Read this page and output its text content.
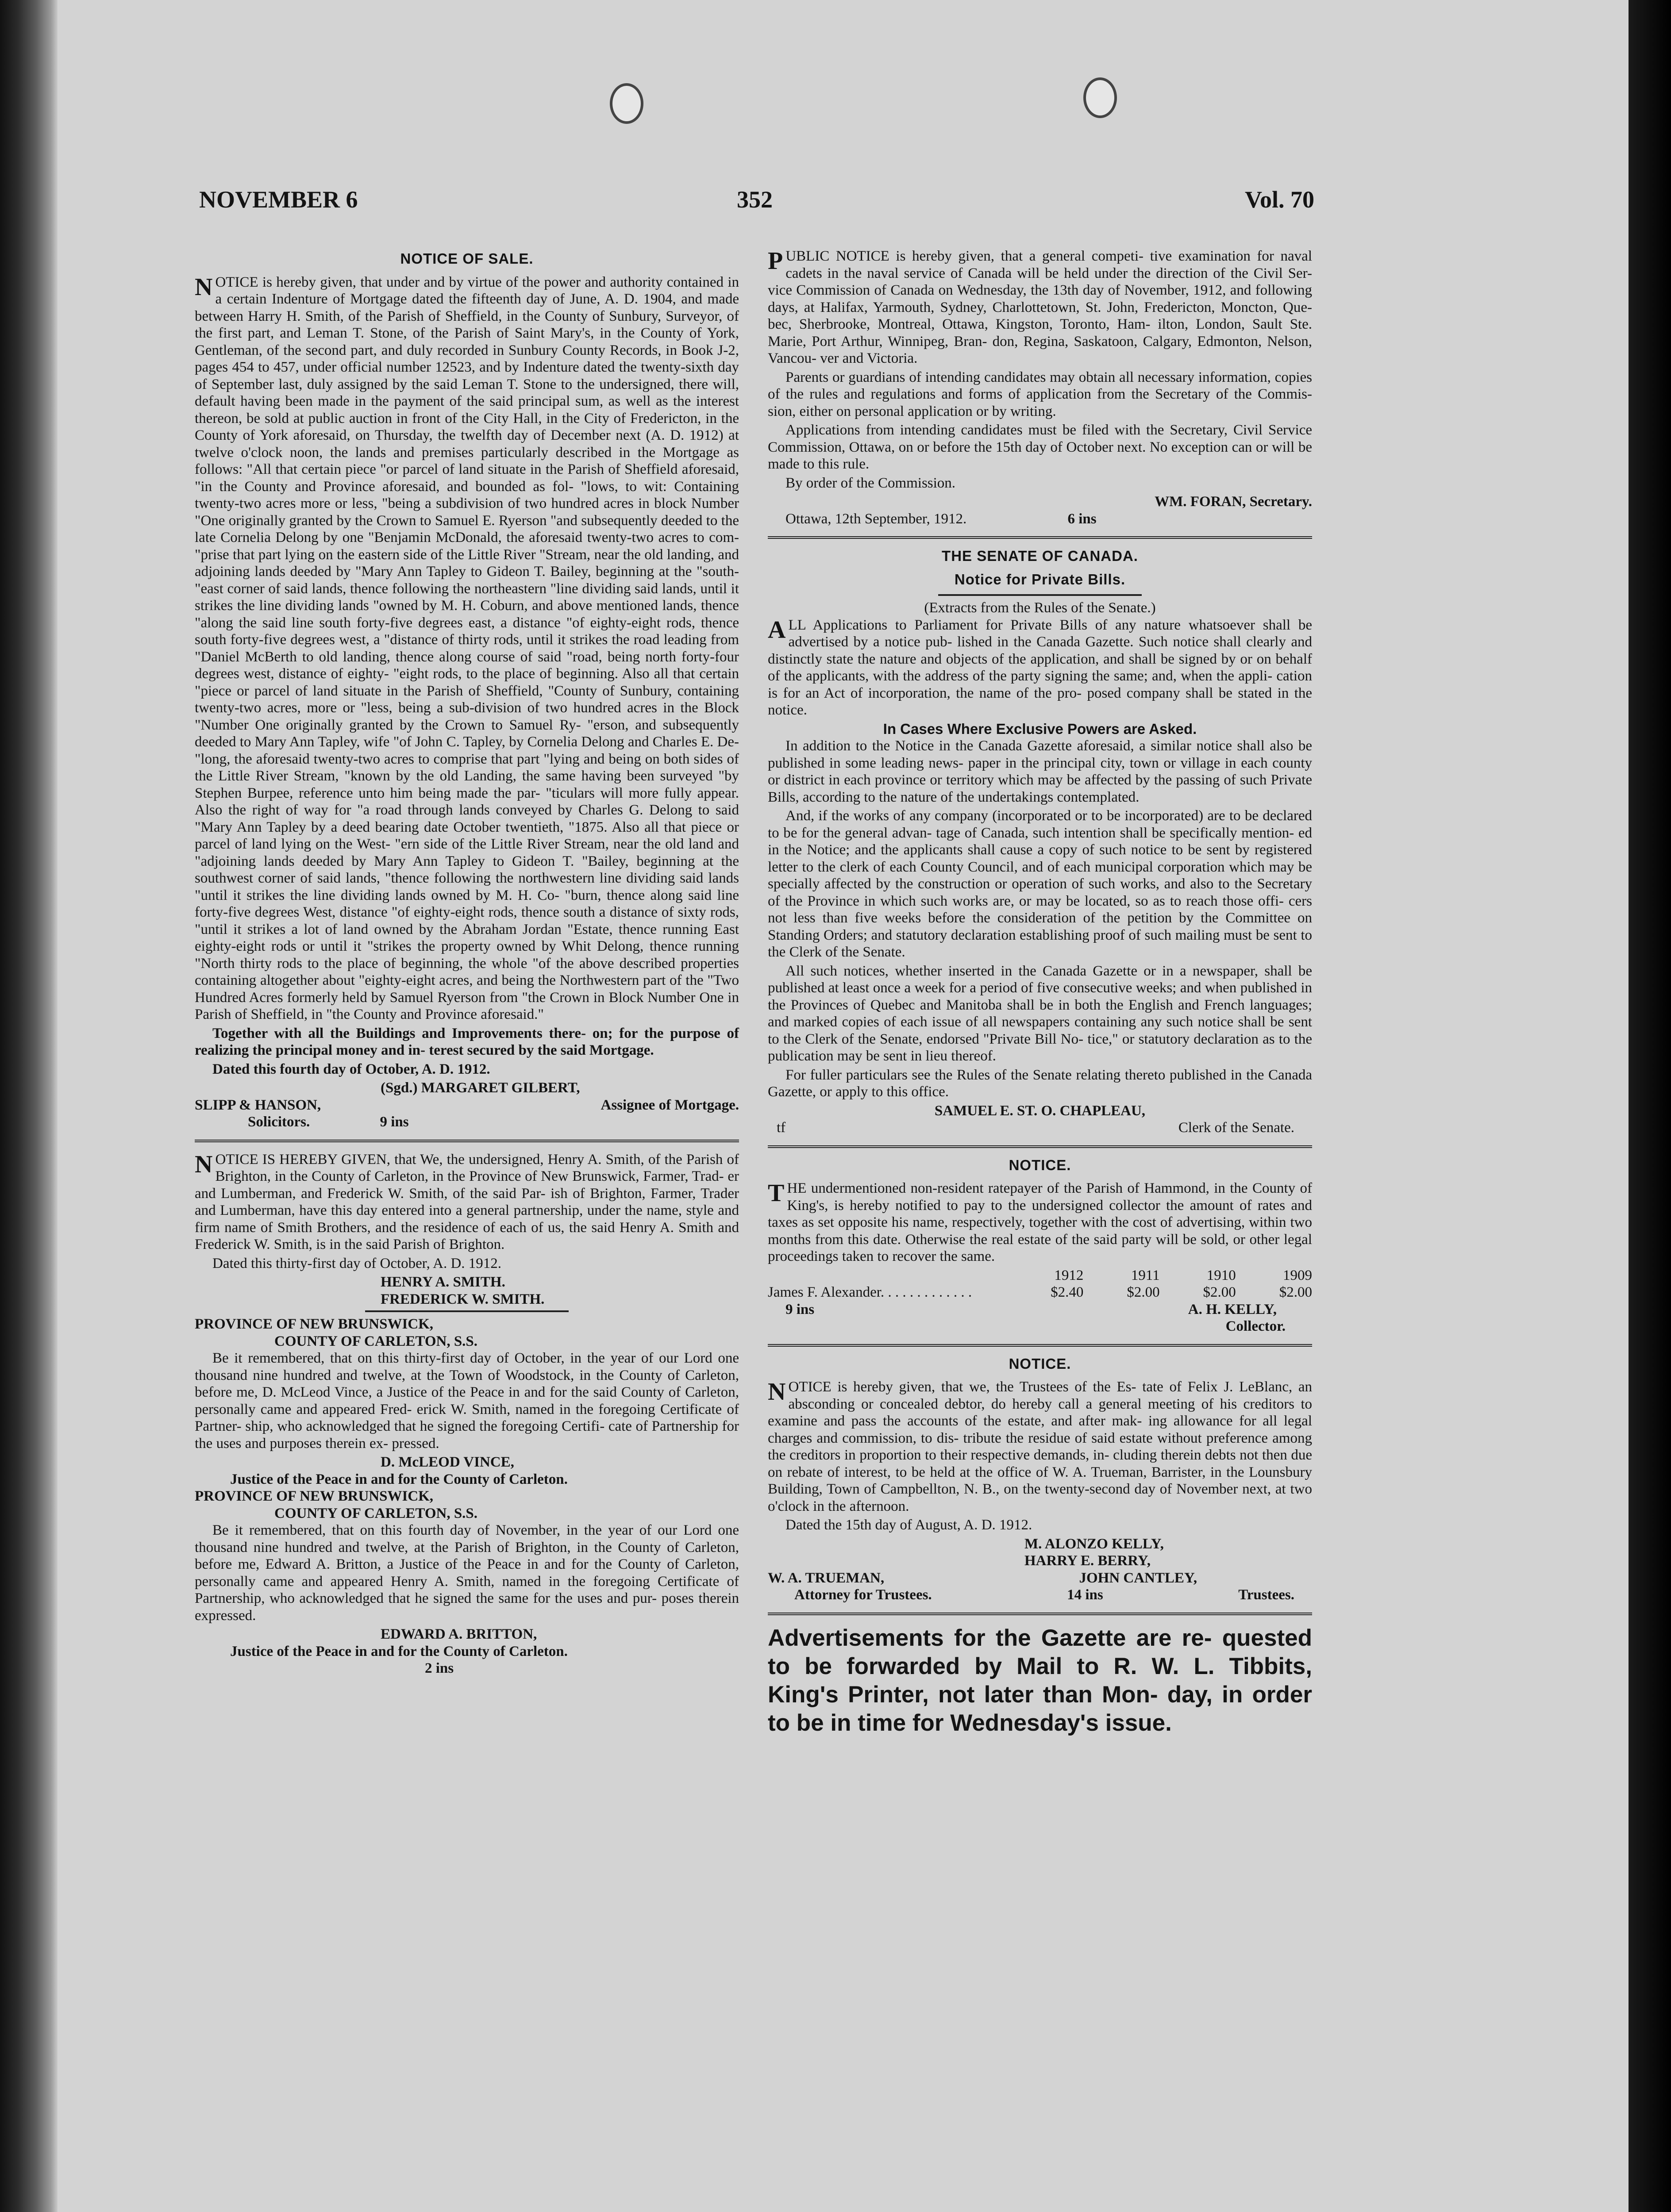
NOVEMBER 6	352	Vol. 70
NOTICE OF SALE.

NOTICE is hereby given, that under and by virtue of the power and authority contained in a certain Indenture of Mortgage dated the fifteenth day of June, A. D. 1904, and made between Harry H. Smith, of the Parish of Sheffield, in the County of Sunbury, Surveyor, of the first part, and Leman T. Stone, of the Parish of Saint Mary's, in the County of York, Gentleman, of the second part, and duly recorded in Sunbury County Records, in Book J-2, pages 454 to 457, under official number 12523, and by Indenture dated the twenty-sixth day of September last, duly assigned by the said Leman T. Stone to the undersigned, there will, default having been made in the payment of the said principal sum, as well as the interest thereon, be sold at public auction in front of the City Hall, in the City of Fredericton, in the County of York aforesaid, on Thursday, the twelfth day of December next (A. D. 1912) at twelve o'clock noon, the lands and premises particularly described in the Mortgage as follows: "All that certain piece "or parcel of land situate in the Parish of Sheffield aforesaid, "in the County and Province aforesaid, and bounded as fol- "lows, to wit: Containing twenty-two acres more or less, "being a subdivision of two hundred acres in block Number "One originally granted by the Crown to Samuel E. Ryerson "and subsequently deeded to the late Cornelia Delong by one "Benjamin McDonald, the aforesaid twenty-two acres to com- "prise that part lying on the eastern side of the Little River "Stream, near the old landing, and adjoining lands deeded by "Mary Ann Tapley to Gideon T. Bailey, beginning at the "south- "east corner of said lands, thence following the northeastern "line dividing said lands, until it strikes the line dividing lands "owned by M. H. Coburn, and above mentioned lands, thence "along the said line south forty-five degrees east, a distance "of eighty-eight rods, thence south forty-five degrees west, a "distance of thirty rods, until it strikes the road leading from "Daniel McBerth to old landing, thence along course of said "road, being north forty-four degrees west, distance of eighty- "eight rods, to the place of beginning. Also all that certain "piece or parcel of land situate in the Parish of Sheffield, "County of Sunbury, containing twenty-two acres, more or "less, being a sub-division of two hundred acres in the Block "Number One originally granted by the Crown to Samuel Ry- "erson, and subsequently deeded to Mary Ann Tapley, wife "of John C. Tapley, by Cornelia Delong and Charles E. De- "long, the aforesaid twenty-two acres to comprise that part "lying and being on both sides of the Little River Stream, "known by the old Landing, the same having been surveyed "by Stephen Burpee, reference unto him being made the par- "ticulars will more fully appear. Also the right of way for "a road through lands conveyed by Charles G. Delong to said "Mary Ann Tapley by a deed bearing date October twentieth, "1875. Also all that piece or parcel of land lying on the West- "ern side of the Little River Stream, near the old land and "adjoining lands deeded by Mary Ann Tapley to Gideon T. "Bailey, beginning at the southwest corner of said lands, "thence following the northwestern line dividing said lands "until it strikes the line dividing lands owned by M. H. Co- "burn, thence along said line forty-five degrees West, distance "of eighty-eight rods, thence south a distance of sixty rods, "until it strikes a lot of land owned by the Abraham Jordan "Estate, thence running East eighty-eight rods or until it "strikes the property owned by Whit Delong, thence running "North thirty rods to the place of beginning, the whole "of the above described properties containing altogether about "eighty-eight acres, and being the Northwestern part of the "Two Hundred Acres formerly held by Samuel Ryerson from "the Crown in Block Number One in Parish of Sheffield, in "the County and Province aforesaid."

Together with all the Buildings and Improvements there- on; for the purpose of realizing the principal money and in- terest secured by the said Mortgage.

Dated this fourth day of October, A. D. 1912.

(Sgd.) MARGARET GILBERT,
SLIPP & HANSON,	Assignee of Mortgage.
Solicitors.	9 ins

NOTICE IS HEREBY GIVEN, that We, the undersigned, Henry A. Smith, of the Parish of Brighton, in the County of Carleton, in the Province of New Brunswick, Farmer, Trad- er and Lumberman, and Frederick W. Smith, of the said Par- ish of Brighton, Farmer, Trader and Lumberman, have this day entered into a general partnership, under the name, style and firm name of Smith Brothers, and the residence of each of us, the said Henry A. Smith and Frederick W. Smith, is in the said Parish of Brighton.

Dated this thirty-first day of October, A. D. 1912.

HENRY A. SMITH.
FREDERICK W. SMITH.
PROVINCE OF NEW BRUNSWICK,
COUNTY OF CARLETON, S.S.

Be it remembered, that on this thirty-first day of October, in the year of our Lord one thousand nine hundred and twelve, at the Town of Woodstock, in the County of Carleton, before me, D. McLeod Vince, a Justice of the Peace in and for the said County of Carleton, personally came and appeared Fred- erick W. Smith, named in the foregoing Certificate of Partner- ship, who acknowledged that he signed the foregoing Certifi- cate of Partnership for the uses and purposes therein ex- pressed.

D. McLEOD VINCE,
Justice of the Peace in and for the County of Carleton.
PROVINCE OF NEW BRUNSWICK,
COUNTY OF CARLETON, S.S.

Be it remembered, that on this fourth day of November, in the year of our Lord one thousand nine hundred and twelve, at the Parish of Brighton, in the County of Carleton, before me, Edward A. Britton, a Justice of the Peace in and for the County of Carleton, personally came and appeared Henry A. Smith, named in the foregoing Certificate of Partnership, who acknowledged that he signed the same for the uses and pur- poses therein expressed.

EDWARD A. BRITTON,
Justice of the Peace in and for the County of Carleton.
2 ins

PUBLIC NOTICE is hereby given, that a general competi- tive examination for naval cadets in the naval service of Canada will be held under the direction of the Civil Ser- vice Commission of Canada on Wednesday, the 13th day of November, 1912, and following days, at Halifax, Yarmouth, Sydney, Charlottetown, St. John, Fredericton, Moncton, Que- bec, Sherbrooke, Montreal, Ottawa, Kingston, Toronto, Ham- ilton, London, Sault Ste. Marie, Port Arthur, Winnipeg, Bran- don, Regina, Saskatoon, Calgary, Edmonton, Nelson, Vancou- ver and Victoria.

Parents or guardians of intending candidates may obtain all necessary information, copies of the rules and regulations and forms of application from the Secretary of the Commis- sion, either on personal application or by writing.

Applications from intending candidates must be filed with the Secretary, Civil Service Commission, Ottawa, on or before the 15th day of October next. No exception can or will be made to this rule.

By order of the Commission.

WM. FORAN, Secretary.
Ottawa, 12th September, 1912.	6 ins
THE SENATE OF CANADA.
Notice for Private Bills.
(Extracts from the Rules of the Senate.)

ALL Applications to Parliament for Private Bills of any nature whatsoever shall be advertised by a notice pub- lished in the Canada Gazette. Such notice shall clearly and distinctly state the nature and objects of the application, and shall be signed by or on behalf of the applicants, with the address of the party signing the same; and, when the appli- cation is for an Act of incorporation, the name of the pro- posed company shall be stated in the notice.

In Cases Where Exclusive Powers are Asked.

In addition to the Notice in the Canada Gazette aforesaid, a similar notice shall also be published in some leading news- paper in the principal city, town or village in each county or district in each province or territory which may be affected by the passing of such Private Bills, according to the nature of the undertakings contemplated.

And, if the works of any company (incorporated or to be incorporated) are to be declared to be for the general advan- tage of Canada, such intention shall be specifically mention- ed in the Notice; and the applicants shall cause a copy of such notice to be sent by registered letter to the clerk of each County Council, and of each municipal corporation which may be specially affected by the construction or operation of such works, and also to the Secretary of the Province in which such works are, or may be located, so as to reach those offi- cers not less than five weeks before the consideration of the petition by the Committee on Standing Orders; and statutory declaration establishing proof of such mailing must be sent to the Clerk of the Senate.

All such notices, whether inserted in the Canada Gazette or in a newspaper, shall be published at least once a week for a period of five consecutive weeks; and when published in the Provinces of Quebec and Manitoba shall be in both the English and French languages; and marked copies of each issue of all newspapers containing any such notice shall be sent to the Clerk of the Senate, endorsed "Private Bill No- tice," or statutory declaration as to the publication may be sent in lieu thereof.

For fuller particulars see the Rules of the Senate relating thereto published in the Canada Gazette, or apply to this office.

SAMUEL E. ST. O. CHAPLEAU,
tf	Clerk of the Senate.
NOTICE.

THE undermentioned non-resident ratepayer of the Parish of Hammond, in the County of King's, is hereby notified to pay to the undersigned collector the amount of rates and taxes as set opposite his name, respectively, together with the cost of advertising, within two months from this date. Otherwise the real estate of the said party will be sold, or other legal proceedings taken to recover the same.

	1912	1911	1910	1909
James F. Alexander. . . . . . . . . . . . .	$2.40	$2.00	$2.00	$2.00
9 ins	A. H. KELLY,
Collector.
NOTICE.

NOTICE is hereby given, that we, the Trustees of the Es- tate of Felix J. LeBlanc, an absconding or concealed debtor, do hereby call a general meeting of his creditors to examine and pass the accounts of the estate, and after mak- ing allowance for all legal charges and commission, to dis- tribute the residue of said estate without preference among the creditors in proportion to their respective demands, in- cluding therein debts not then due on rebate of interest, to be held at the office of W. A. Trueman, Barrister, in the Lounsbury Building, Town of Campbellton, N. B., on the twenty-second day of November next, at two o'clock in the afternoon.

Dated the 15th day of August, A. D. 1912.

M. ALONZO KELLY,
HARRY E. BERRY,
W. A. TRUEMAN,	JOHN CANTLEY,
Attorney for Trustees.	14 ins	Trustees.
Advertisements for the Gazette are re- quested to be forwarded by Mail to R. W. L. Tibbits, King's Printer, not later than Mon- day, in order to be in time for Wednesday's issue.
